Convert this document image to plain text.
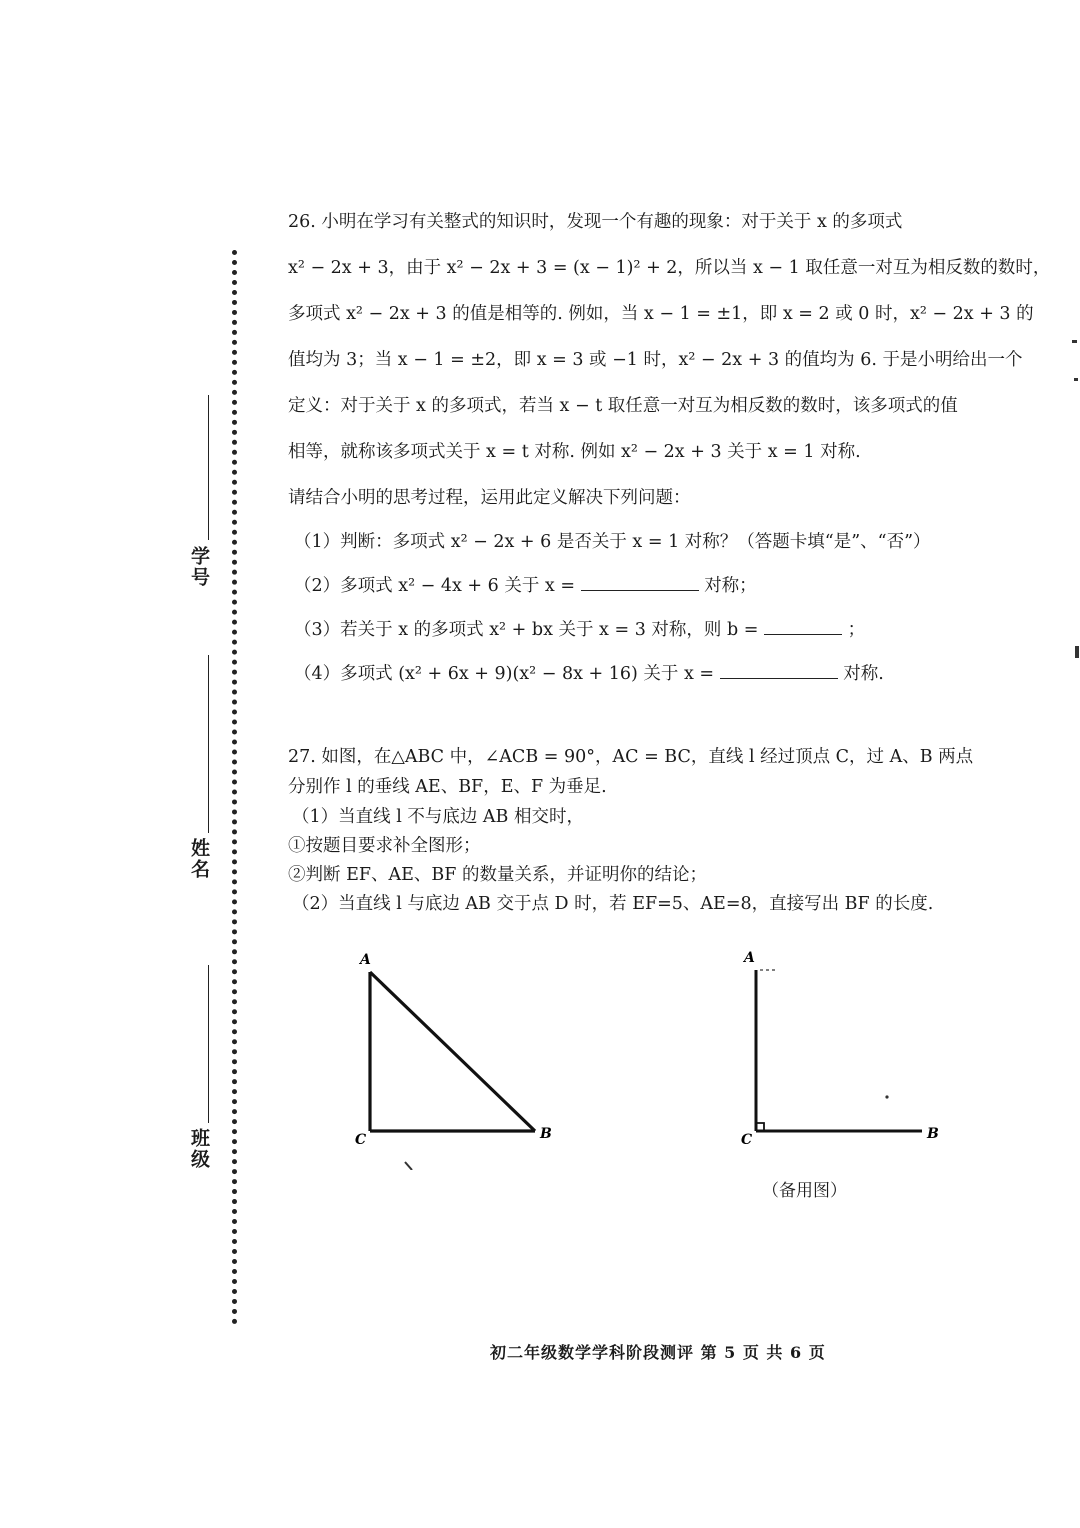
学号
姓名
班级
26. 小明在学习有关整式的知识时，发现一个有趣的现象：对于关于 x 的多项式
x² − 2x + 3，由于 x² − 2x + 3 = (x − 1)² + 2，所以当 x − 1 取任意一对互为相反数的数时，
多项式 x² − 2x + 3 的值是相等的. 例如，当 x − 1 = ±1，即 x = 2 或 0 时，x² − 2x + 3 的
值均为 3；当 x − 1 = ±2，即 x = 3 或 −1 时，x² − 2x + 3 的值均为 6. 于是小明给出一个
定义：对于关于 x 的多项式，若当 x − t 取任意一对互为相反数的数时，该多项式的值
相等，就称该多项式关于 x = t 对称. 例如 x² − 2x + 3 关于 x = 1 对称.
请结合小明的思考过程，运用此定义解决下列问题：
（1）判断：多项式 x² − 2x + 6 是否关于 x = 1 对称？（答题卡填“是”、“否”）
（2）多项式 x² − 4x + 6 关于 x =	对称；
（3）若关于 x 的多项式 x² + bx 关于 x = 3 对称，则 b =	；
（4）多项式 (x² + 6x + 9)(x² − 8x + 16) 关于 x =	对称.
27. 如图，在△ABC 中，∠ACB = 90°，AC = BC，直线 l 经过顶点 C，过 A、B 两点
分别作 l 的垂线 AE、BF，E、F 为垂足.
（1）当直线 l 不与底边 AB 相交时，
①按题目要求补全图形；
②判断 EF、AE、BF 的数量关系，并证明你的结论；
（2）当直线 l 与底边 AB 交于点 D 时，若 EF=5、AE=8，直接写出 BF 的长度.
A
C	B
A
C	B
（备用图）
初二年级数学学科阶段测评 第 5 页 共 6 页
